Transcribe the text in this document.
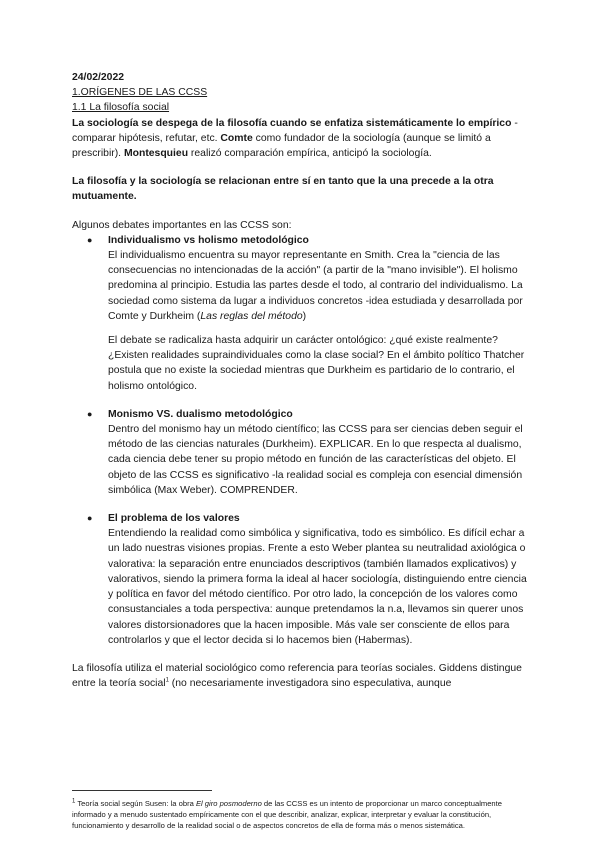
24/02/2022

1.ORÍGENES DE LAS CCSS

1.1 La filosofía social

La sociología se despega de la filosofía cuando se enfatiza sistemáticamente lo empírico -comparar hipótesis, refutar, etc. Comte como fundador de la sociología (aunque se limitó a prescribir). Montesquieu realizó comparación empírica, anticipó la sociología.

La filosofía y la sociología se relacionan entre sí en tanto que la una precede a la otra mutuamente.

Algunos debates importantes en las CCSS son:

● Individualismo vs holismo metodológico

El individualismo encuentra su mayor representante en Smith. Crea la "ciencia de las consecuencias no intencionadas de la acción" (a partir de la "mano invisible"). El holismo predomina al principio. Estudia las partes desde el todo, al contrario del individualismo. La sociedad como sistema da lugar a individuos concretos -idea estudiada y desarrollada por Comte y Durkheim (Las reglas del método)

El debate se radicaliza hasta adquirir un carácter ontológico: ¿qué existe realmente? ¿Existen realidades supraindividuales como la clase social? En el ámbito político Thatcher postula que no existe la sociedad mientras que Durkheim es partidario de lo contrario, el holismo ontológico.

● Monismo VS. dualismo metodológico

Dentro del monismo hay un método científico; las CCSS para ser ciencias deben seguir el método de las ciencias naturales (Durkheim). EXPLICAR. En lo que respecta al dualismo, cada ciencia debe tener su propio método en función de las características del objeto. El objeto de las CCSS es significativo -la realidad social es compleja con esencial dimensión simbólica (Max Weber). COMPRENDER.

● El problema de los valores

Entendiendo la realidad como simbólica y significativa, todo es simbólico. Es difícil echar a un lado nuestras visiones propias. Frente a esto Weber plantea su neutralidad axiológica o valorativa: la separación entre enunciados descriptivos (también llamados explicativos) y valorativos, siendo la primera forma la ideal al hacer sociología, distinguiendo entre ciencia y política en favor del método científico. Por otro lado, la concepción de los valores como consustanciales a toda perspectiva: aunque pretendamos la n.a, llevamos sin querer unos valores distorsionadores que la hacen imposible. Más vale ser consciente de ellos para controlarlos y que el lector decida si lo hacemos bien (Habermas).

La filosofía utiliza el material sociológico como referencia para teorías sociales. Giddens distingue entre la teoría social$^1$ (no necesariamente investigadora sino especulativa, aunque

$^1$ Teoría social según Susen: la obra El giro posmoderno de las CCSS es un intento de proporcionar un marco conceptualmente informado y a menudo sustentado empíricamente con el que describir, analizar, explicar, interpretar y evaluar la constitución, funcionamiento y desarrollo de la realidad social o de aspectos concretos de ella de forma más o menos sistemática.
